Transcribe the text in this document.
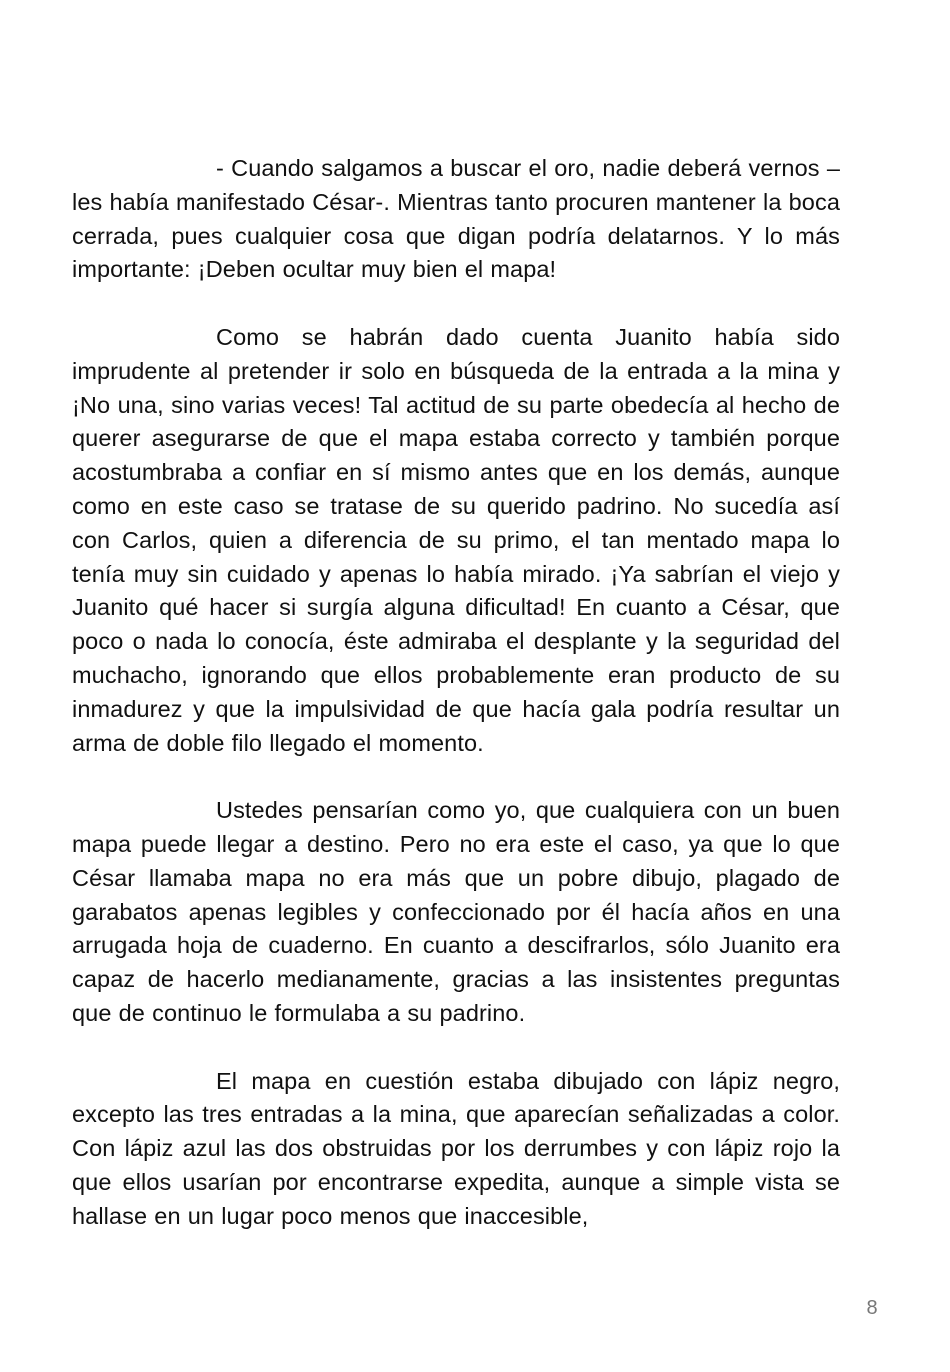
- Cuando salgamos a buscar el oro, nadie deberá vernos – les había manifestado César-. Mientras tanto procuren mantener la boca cerrada, pues cualquier cosa que digan podría delatarnos. Y lo más importante: ¡Deben ocultar muy bien el mapa!

Como se habrán dado cuenta Juanito había sido imprudente al pretender ir solo en búsqueda de la entrada a la mina y ¡No una, sino varias veces! Tal actitud de su parte obedecía al hecho de querer asegurarse de que el mapa estaba correcto y también porque acostumbraba a confiar en sí mismo antes que en los demás, aunque como en este caso se tratase de su querido padrino. No sucedía así con Carlos, quien a diferencia de su primo, el tan mentado mapa lo tenía muy sin cuidado y apenas lo había mirado. ¡Ya sabrían el viejo y Juanito qué hacer si surgía alguna dificultad! En cuanto a César, que poco o nada lo conocía, éste admiraba el desplante y la seguridad del muchacho, ignorando que ellos probablemente eran producto de su inmadurez y que la impulsividad de que hacía gala podría resultar un arma de doble filo llegado el momento.

Ustedes pensarían como yo, que cualquiera con un buen mapa puede llegar a destino. Pero no era este el caso, ya que lo que César llamaba mapa no era más que un pobre dibujo, plagado de garabatos apenas legibles y confeccionado por él hacía años en una arrugada hoja de cuaderno. En cuanto a descifrarlos, sólo Juanito era capaz de hacerlo medianamente, gracias a las insistentes preguntas que de continuo le formulaba a su padrino.

El mapa en cuestión estaba dibujado con lápiz negro, excepto las tres entradas a la mina, que aparecían señalizadas a color. Con lápiz azul las dos obstruidas por los derrumbes y con lápiz rojo la que ellos usarían por encontrarse expedita, aunque a simple vista se hallase en un lugar poco menos que inaccesible,

8
